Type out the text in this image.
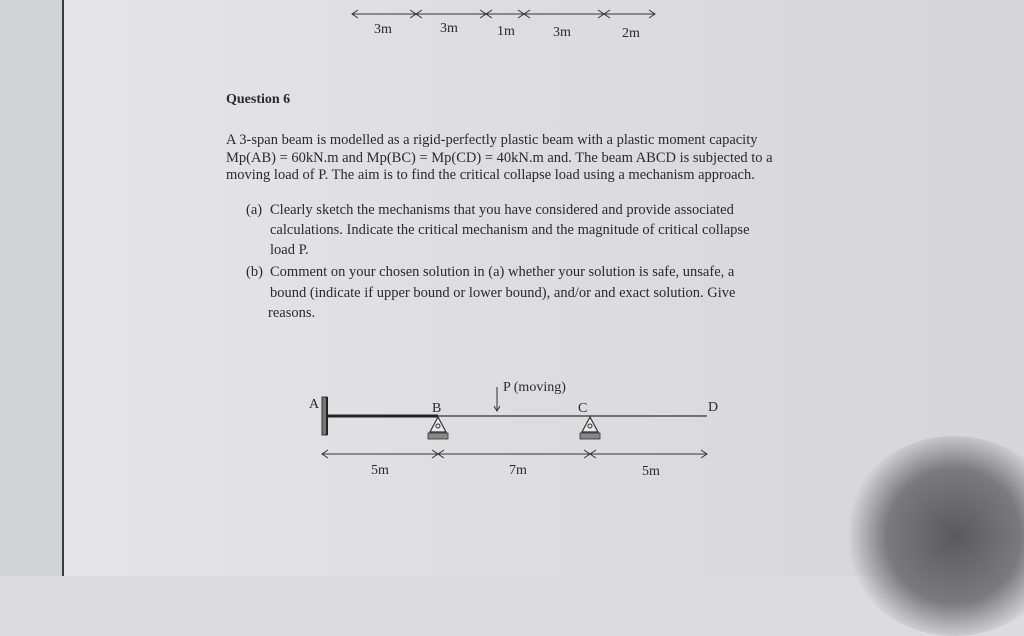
3m	3m	1m	3m	2m
Question 6
A 3-span beam is modelled as a rigid-perfectly plastic beam with a plastic moment capacity
Mp(AB) = 60kN.m and Mp(BC) = Mp(CD) = 40kN.m and. The beam ABCD is subjected to a
moving load of P. The aim is to find the critical collapse load using a mechanism approach.
(a) Clearly sketch the mechanisms that you have considered and provide associated
calculations. Indicate the critical mechanism and the magnitude of critical collapse
load P.
(b) Comment on your chosen solution in (a) whether your solution is safe, unsafe, a
bound (indicate if upper bound or lower bound), and/or and exact solution. Give
reasons.
P (moving)
A	B	C	D
5m	7m	5m
